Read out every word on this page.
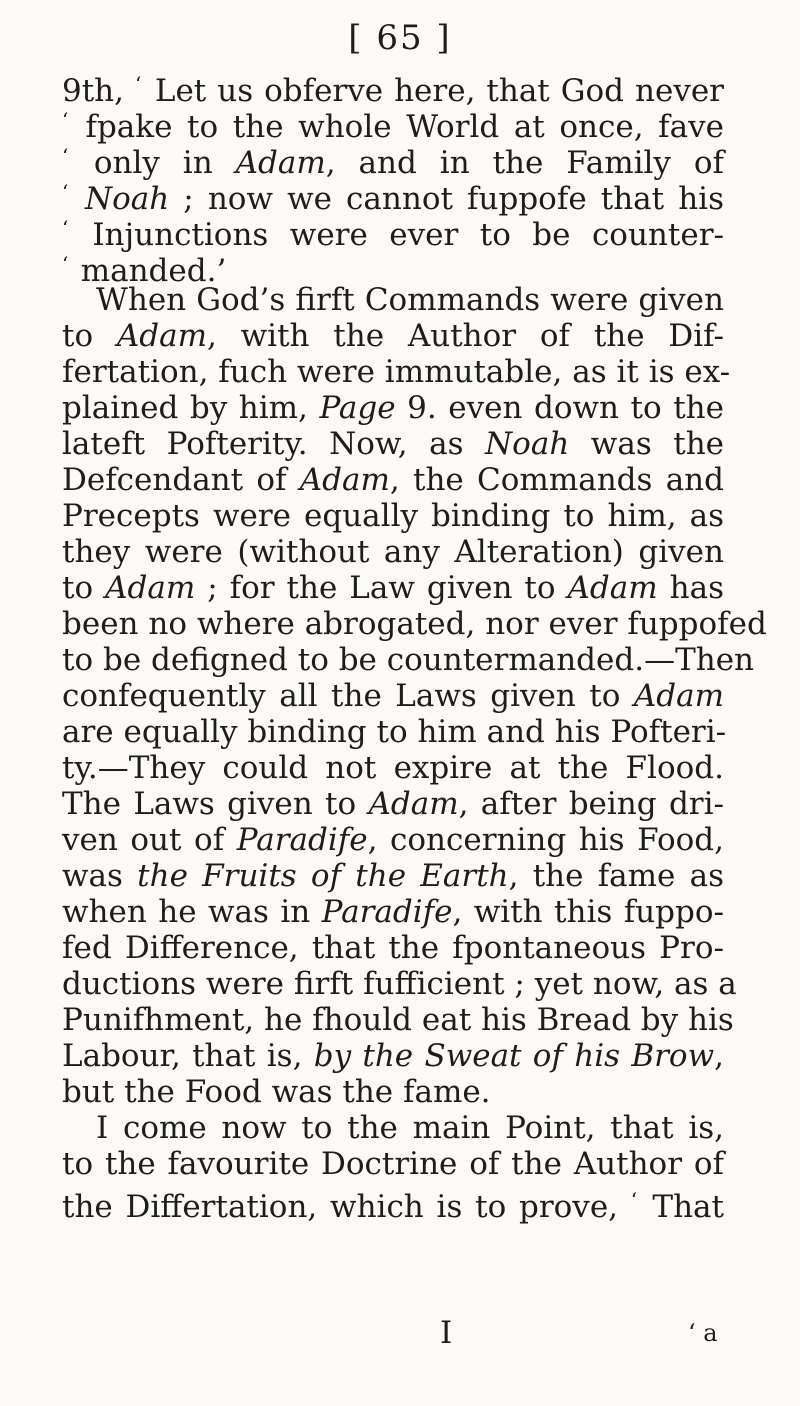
[ 65 ]
9th, ‘ Let us obferve here, that God never
‘ fpake to the whole World at once, fave
‘ only in Adam, and in the Family of
‘ Noah ; now we cannot fuppofe that his
‘ Injunctions were ever to be counter-
‘ manded.’
When God’s firft Commands were given
to Adam, with the Author of the Dif-
fertation, fuch were immutable, as it is ex-
plained by him, Page 9. even down to the
lateft Pofterity. Now, as Noah was the
Defcendant of Adam, the Commands and
Precepts were equally binding to him, as
they were (without any Alteration) given
to Adam ; for the Law given to Adam has
been no where abrogated, nor ever fuppofed
to be defigned to be countermanded.—Then
confequently all the Laws given to Adam
are equally binding to him and his Pofteri-
ty.—They could not expire at the Flood.
The Laws given to Adam, after being dri-
ven out of Paradife, concerning his Food,
was the Fruits of the Earth, the fame as
when he was in Paradife, with this fuppo-
fed Difference, that the fpontaneous Pro-
ductions were firft fufficient ; yet now, as a
Punifhment, he fhould eat his Bread by his
Labour, that is, by the Sweat of his Brow,
but the Food was the fame.
I come now to the main Point, that is,
to the favourite Doctrine of the Author of
the Differtation, which is to prove, ‘ That
I	‘ a
